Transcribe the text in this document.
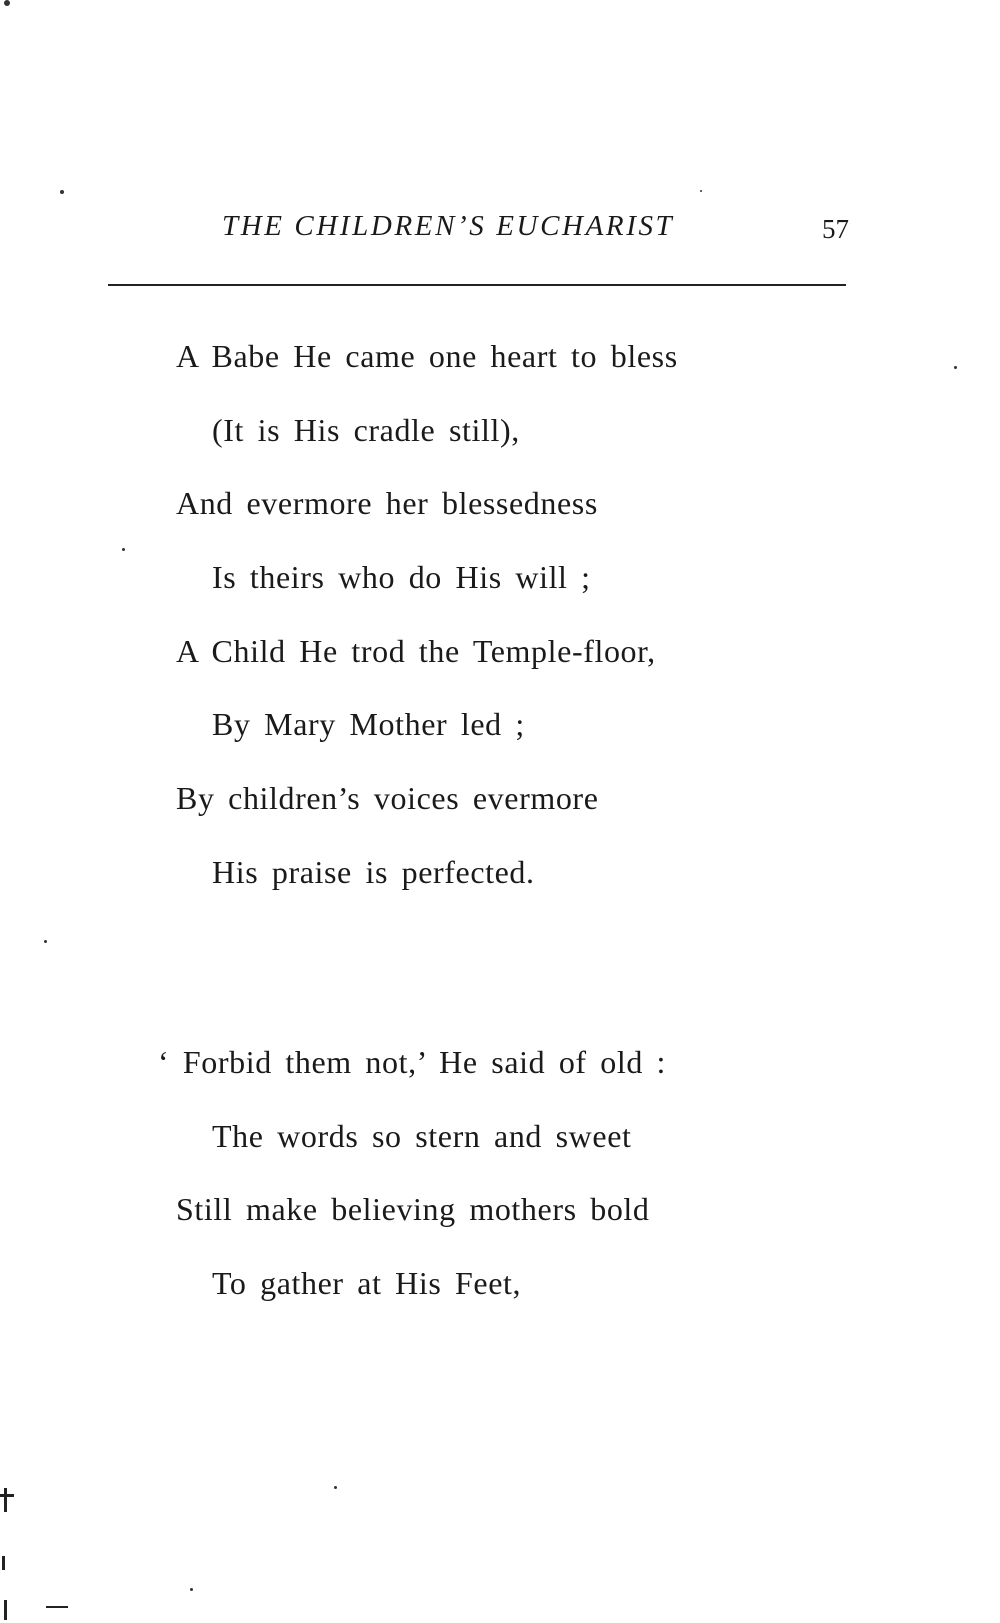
THE CHILDREN’S EUCHARIST	57
A Babe He came one heart to bless
(It is His cradle still),
And evermore her blessedness
Is theirs who do His will ;
A Child He trod the Temple-floor,
By Mary Mother led ;
By children’s voices evermore
His praise is perfected.
‘ Forbid them not,’ He said of old :
The words so stern and sweet
Still make believing mothers bold
To gather at His Feet,
